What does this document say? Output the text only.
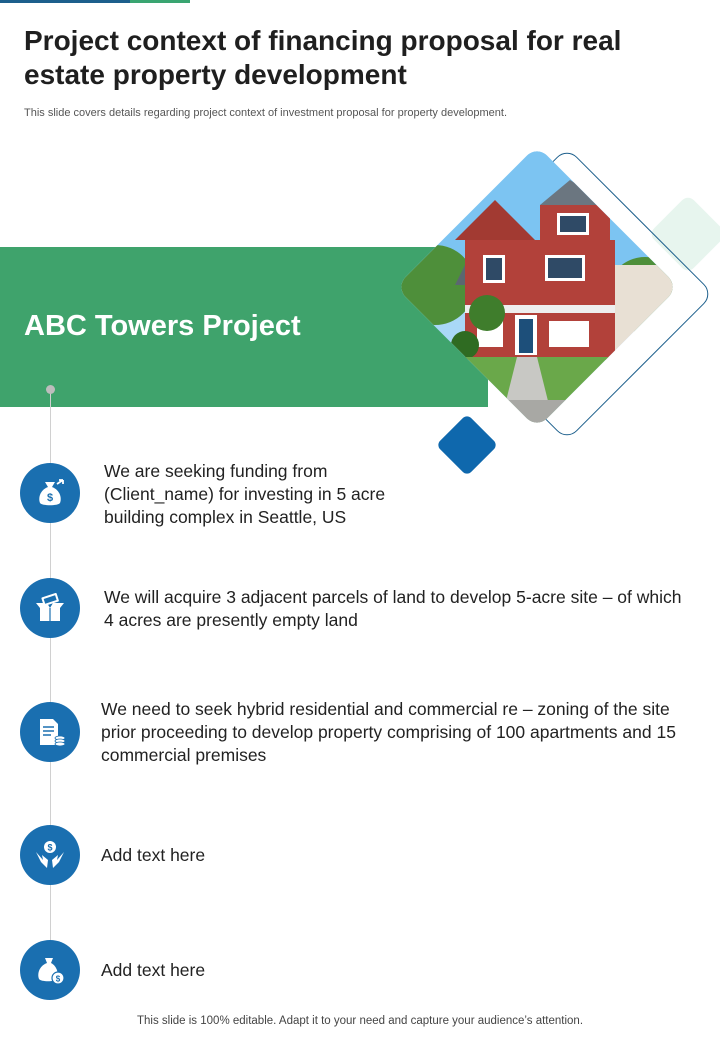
Project context of financing proposal for real estate property development
This slide covers details regarding project context of investment proposal for property development.
ABC Towers Project
$

We are seeking funding from (Client_name) for investing in 5 acre building complex in Seattle, US

We will acquire 3 adjacent parcels of land to develop 5-acre site – of which 4 acres are presently empty land

We need to seek hybrid residential and commercial re – zoning of the site prior proceeding to develop property comprising of 100 apartments and 15 commercial premises

$	Add text here

$ Add text here

This slide is 100% editable. Adapt it to your need and capture your audience’s attention.
